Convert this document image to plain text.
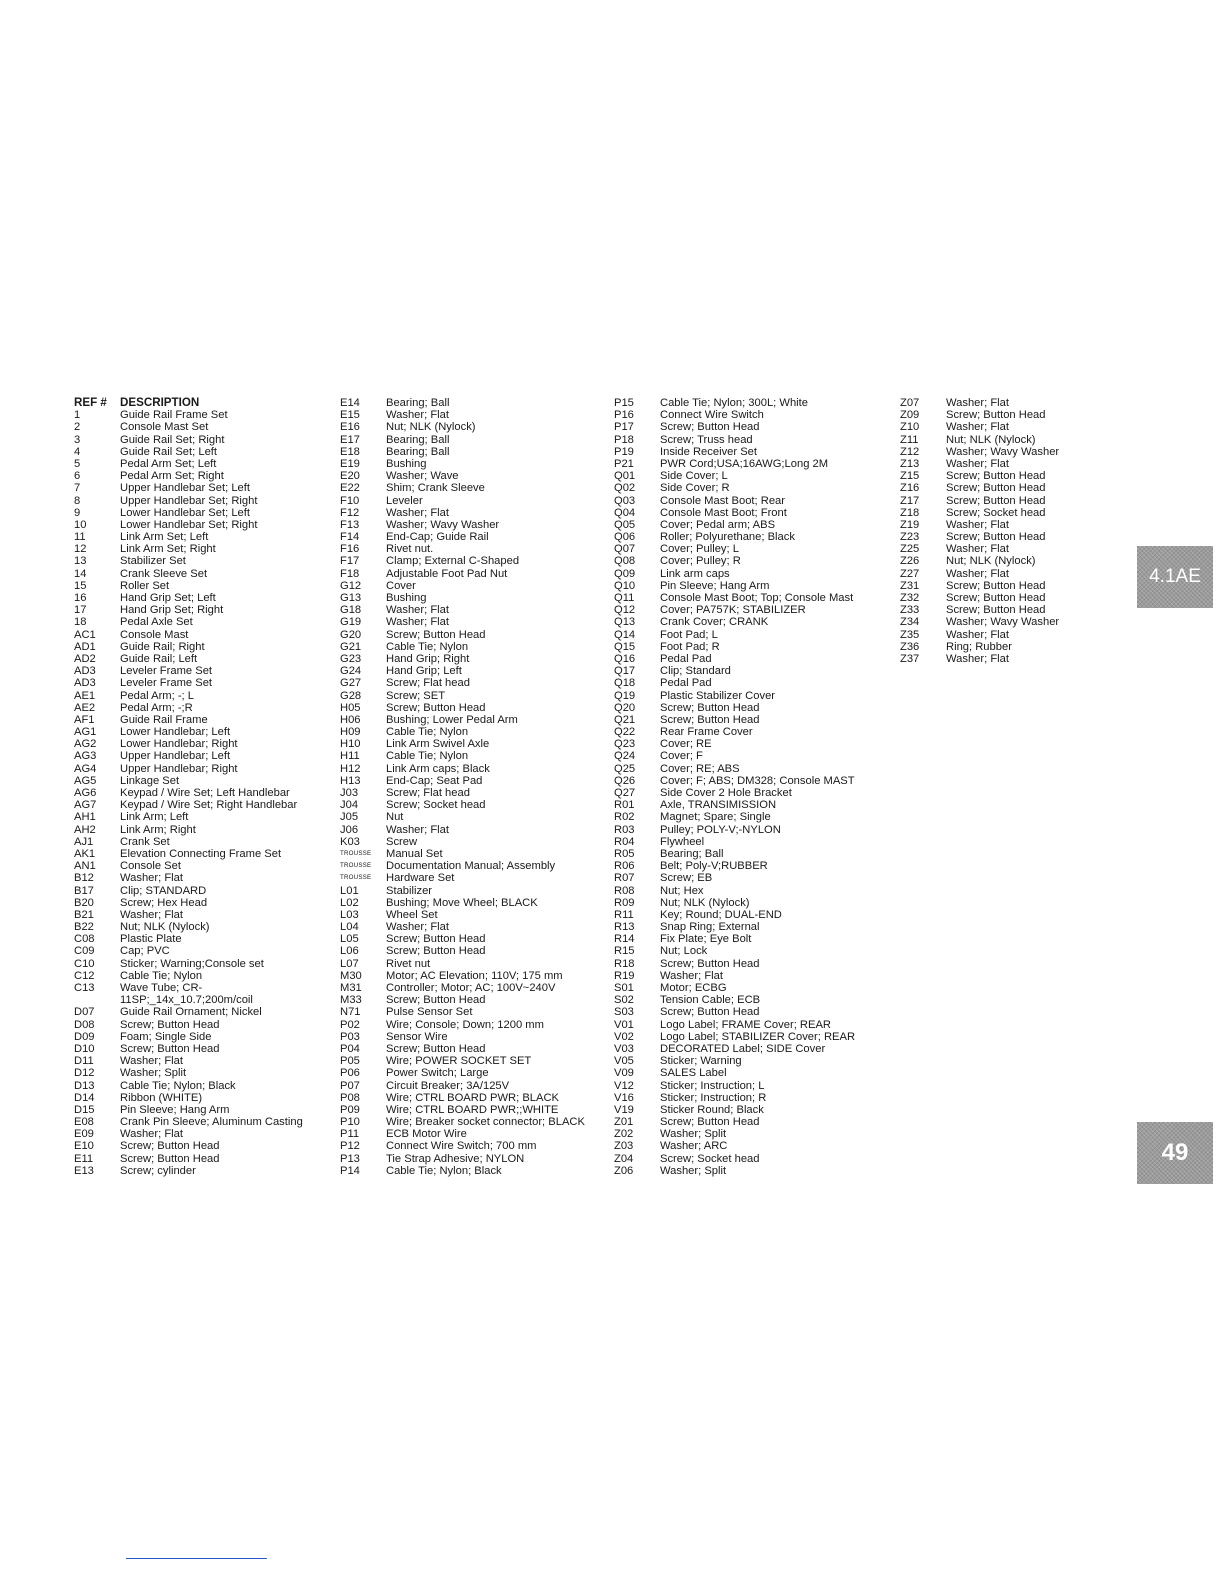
REF # DESCRIPTION
1	Guide Rail Frame Set
2	Console Mast Set
3	Guide Rail Set; Right
4	Guide Rail Set; Left
5	Pedal Arm Set; Left
6	Pedal Arm Set; Right
7	Upper Handlebar Set; Left
8	Upper Handlebar Set; Right
9	Lower Handlebar Set; Left
10	Lower Handlebar Set; Right
11	Link Arm Set; Left
12	Link Arm Set; Right
13	Stabilizer Set
14	Crank Sleeve Set
15	Roller Set
16	Hand Grip Set; Left
17	Hand Grip Set; Right
18	Pedal Axle Set
AC1 Console Mast
AD1 Guide Rail; Right
AD2 Guide Rail; Left
AD3 Leveler Frame Set
AD3 Leveler Frame Set
AE1 Pedal Arm; -; L
AE2 Pedal Arm; -;R
AF1 Guide Rail Frame
AG1 Lower Handlebar; Left
AG2 Lower Handlebar; Right
AG3 Upper Handlebar; Left
AG4 Upper Handlebar; Right
AG5 Linkage Set
AG6 Keypad / Wire Set; Left Handlebar
AG7 Keypad / Wire Set; Right Handlebar
AH1 Link Arm; Left
AH2 Link Arm; Right
AJ1 Crank Set
AK1 Elevation Connecting Frame Set
AN1 Console Set
B12 Washer; Flat
B17 Clip; STANDARD
B20 Screw; Hex Head
B21 Washer; Flat
B22 Nut; NLK (Nylock)
C08 Plastic Plate
C09 Cap; PVC
C10 Sticker; Warning;Console set
C12 Cable Tie; Nylon
C13 Wave Tube; CR-
11SP;_14x_10.7;200m/coil
D07 Guide Rail Ornament; Nickel
D08 Screw; Button Head
D09 Foam; Single Side
D10 Screw; Button Head
D11 Washer; Flat
D12 Washer; Split
D13 Cable Tie; Nylon; Black
D14 Ribbon (WHITE)
D15 Pin Sleeve; Hang Arm
E08 Crank Pin Sleeve; Aluminum Casting
E09 Washer; Flat
E10 Screw; Button Head
E11 Screw; Button Head
E13 Screw; cylinder
E14 Bearing; Ball
E15 Washer; Flat
E16 Nut; NLK (Nylock)
E17 Bearing; Ball
E18 Bearing; Ball
E19 Bushing
E20 Washer; Wave
E22 Shim; Crank Sleeve
F10 Leveler
F12 Washer; Flat
F13 Washer; Wavy Washer
F14 End-Cap; Guide Rail
F16 Rivet nut.
F17 Clamp; External C-Shaped
F18 Adjustable Foot Pad Nut
G12 Cover
G13 Bushing
G18 Washer; Flat
G19 Washer; Flat
G20 Screw; Button Head
G21 Cable Tie; Nylon
G23 Hand Grip; Right
G24 Hand Grip; Left
G27 Screw; Flat head
G28 Screw; SET
H05 Screw; Button Head
H06 Bushing; Lower Pedal Arm
H09 Cable Tie; Nylon
H10 Link Arm Swivel Axle
H11 Cable Tie; Nylon
H12 Link Arm caps; Black
H13 End-Cap; Seat Pad
J03 Screw; Flat head
J04 Screw; Socket head
J05 Nut
J06 Washer; Flat
K03 Screw
TROUSSE Manual Set
TROUSSE Documentation Manual; Assembly
TROUSSE Hardware Set
L01 Stabilizer
L02 Bushing; Move Wheel; BLACK
L03 Wheel Set
L04 Washer; Flat
L05 Screw; Button Head
L06 Screw; Button Head
L07 Rivet nut
M30 Motor; AC Elevation; 110V; 175 mm
M31 Controller; Motor; AC; 100V~240V
M33 Screw; Button Head
N71 Pulse Sensor Set
P02 Wire; Console; Down; 1200 mm
P03 Sensor Wire
P04 Screw; Button Head
P05 Wire; POWER SOCKET SET
P06 Power Switch; Large
P07 Circuit Breaker; 3A/125V
P08 Wire; CTRL BOARD PWR; BLACK
P09 Wire; CTRL BOARD PWR;;WHITE
P10 Wire; Breaker socket connector; BLACK
P11 ECB Motor Wire
P12 Connect Wire Switch; 700 mm
P13 Tie Strap Adhesive; NYLON
P14 Cable Tie; Nylon; Black
P15 Cable Tie; Nylon; 300L; White
P16 Connect Wire Switch
P17 Screw; Button Head
P18 Screw; Truss head
P19 Inside Receiver Set
P21 PWR Cord;USA;16AWG;Long 2M
Q01 Side Cover; L
Q02 Side Cover; R
Q03 Console Mast Boot; Rear
Q04 Console Mast Boot; Front
Q05 Cover; Pedal arm; ABS
Q06 Roller; Polyurethane; Black
Q07 Cover; Pulley; L
Q08 Cover; Pulley; R
Q09 Link arm caps
Q10 Pin Sleeve; Hang Arm
Q11 Console Mast Boot; Top; Console Mast
Q12 Cover; PA757K; STABILIZER
Q13 Crank Cover; CRANK
Q14 Foot Pad; L
Q15 Foot Pad; R
Q16 Pedal Pad
Q17 Clip; Standard
Q18 Pedal Pad
Q19 Plastic Stabilizer Cover
Q20 Screw; Button Head
Q21 Screw; Button Head
Q22 Rear Frame Cover
Q23 Cover; RE
Q24 Cover; F
Q25 Cover; RE; ABS
Q26 Cover; F; ABS; DM328; Console MAST
Q27 Side Cover 2 Hole Bracket
R01 Axle, TRANSIMISSION
R02 Magnet; Spare; Single
R03 Pulley; POLY-V;-NYLON
R04 Flywheel
R05 Bearing; Ball
R06 Belt; Poly-V;RUBBER
R07 Screw; EB
R08 Nut; Hex
R09 Nut; NLK (Nylock)
R11 Key; Round; DUAL-END
R13 Snap Ring; External
R14 Fix Plate; Eye Bolt
R15 Nut; Lock
R18 Screw; Button Head
R19 Washer; Flat
S01 Motor; ECBG
S02 Tension Cable; ECB
S03 Screw; Button Head
V01 Logo Label; FRAME Cover; REAR
V02 Logo Label; STABILIZER Cover; REAR
V03 DECORATED Label; SIDE Cover
V05 Sticker; Warning
V09 SALES Label
V12 Sticker; Instruction; L
V16 Sticker; Instruction; R
V19 Sticker Round; Black
Z01 Screw; Button Head
Z02 Washer; Split
Z03 Washer; ARC
Z04 Screw; Socket head
Z06 Washer; Split
Z07 Washer; Flat
Z09 Screw; Button Head
Z10 Washer; Flat
Z11 Nut; NLK (Nylock)
Z12 Washer; Wavy Washer
Z13 Washer; Flat
Z15 Screw; Button Head
Z16 Screw; Button Head
Z17 Screw; Button Head
Z18 Screw; Socket head
Z19 Washer; Flat
Z23 Screw; Button Head
Z25 Washer; Flat
Z26 Nut; NLK (Nylock)
Z27 Washer; Flat
Z31 Screw; Button Head
Z32 Screw; Button Head
Z33 Screw; Button Head
Z34 Washer; Wavy Washer
Z35 Washer; Flat
Z36 Ring; Rubber
Z37 Washer; Flat
4.1AE
49
